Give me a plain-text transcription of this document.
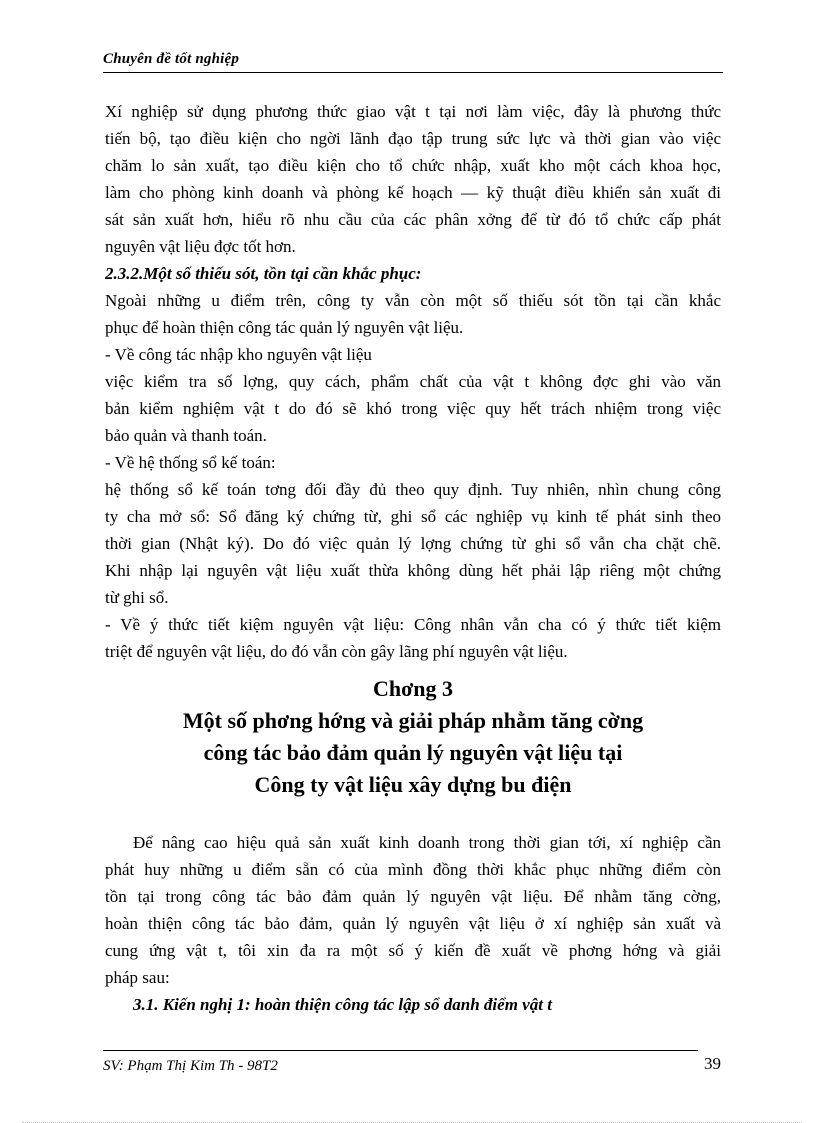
Chuyên đề tốt nghiệp
Xí nghiệp sử dụng phương thức giao vật t tại nơi làm việc, đây là phương thức
tiến bộ, tạo điều kiện cho ngời lãnh đạo tập trung sức lực và thời gian vào việc
chăm lo sản xuất, tạo điều kiện cho tổ chức nhập, xuất kho một cách khoa học,
làm cho phòng kinh doanh và phòng kế hoạch — kỹ thuật điều khiển sản xuất đi
sát sản xuất hơn, hiểu rõ nhu cầu của các phân xởng để từ đó tổ chức cấp phát
nguyên vật liệu đợc tốt hơn.
2.3.2.Một số thiếu sót, tồn tại cần khắc phục:
Ngoài những u điểm trên, công ty vẫn còn một số thiếu sót tồn tại cần khắc
phục để hoàn thiện công tác quản lý nguyên vật liệu.
- Về công tác nhập kho nguyên vật liệu
việc kiểm tra số lợng, quy cách, phẩm chất của vật t không đợc ghi vào văn
bản kiểm nghiệm vật t do đó sẽ khó trong việc quy hết trách nhiệm trong việc
bảo quản và thanh toán.
- Về hệ thống sổ kế toán:
hệ thống sổ kế toán tơng đối đầy đủ theo quy định. Tuy nhiên, nhìn chung công
ty cha mở sổ: Sổ đăng ký chứng từ, ghi sổ các nghiệp vụ kinh tế phát sinh theo
thời gian (Nhật ký). Do đó việc quản lý lợng chứng từ ghi sổ vẫn cha chặt chẽ.
Khi nhập lại nguyên vật liệu xuất thừa không dùng hết phải lập riêng một chứng
từ ghi sổ.
- Về ý thức tiết kiệm nguyên vật liệu: Công nhân vẫn cha có ý thức tiết kiệm
triệt để nguyên vật liệu, do đó vẫn còn gây lãng phí nguyên vật liệu.
Chơng 3
Một số phơng hớng và giải pháp nhằm tăng cờng
công tác bảo đảm quản lý nguyên vật liệu tại
Công ty vật liệu xây dựng bu điện
Để nâng cao hiệu quả sản xuất kinh doanh trong thời gian tới, xí nghiệp cần
phát huy những u điểm sẵn có của mình đồng thời khắc phục những điểm còn
tồn tại trong công tác bảo đảm quản lý nguyên vật liệu. Để nhằm tăng cờng,
hoàn thiện công tác bảo đảm, quản lý nguyên vật liệu ở xí nghiệp sản xuất và
cung ứng vật t, tôi xin đa ra một số ý kiến đề xuất về phơng hớng và giải
pháp sau:
3.1. Kiến nghị 1: hoàn thiện công tác lập sổ danh điểm vật t
SV: Phạm Thị Kim Th - 98T2	39
